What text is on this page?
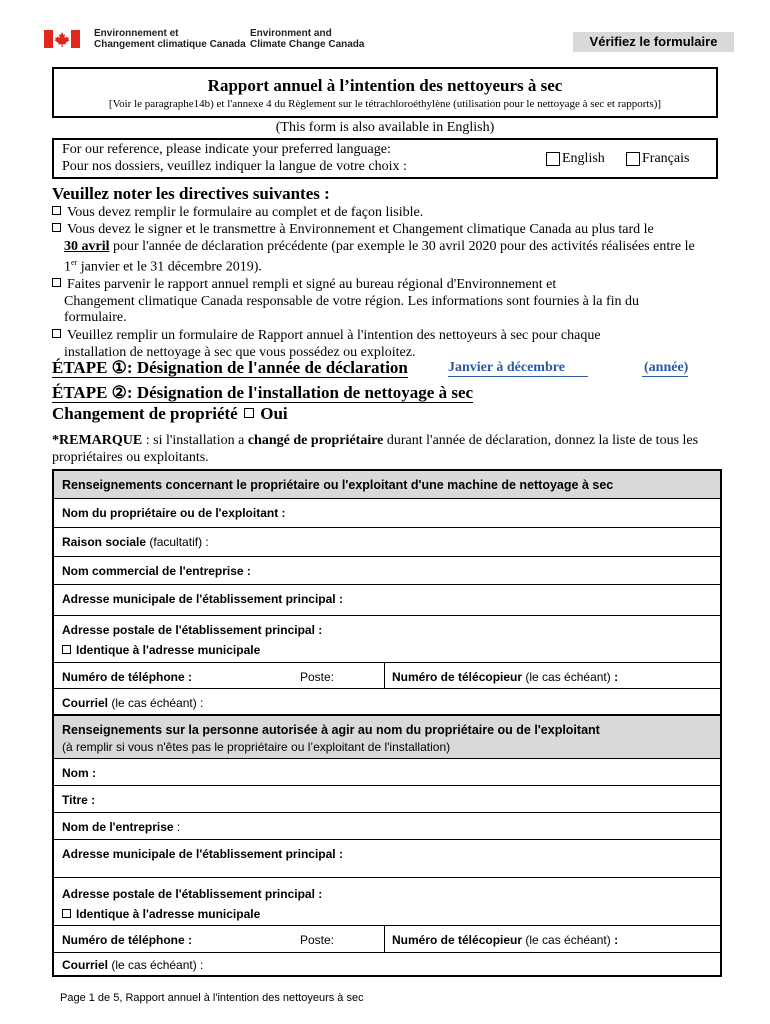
Environnement et
Changement climatique Canada
Environment and
Climate Change Canada	Vérifiez le formulaire
Rapport annuel à l’intention des nettoyeurs à sec
[Voir le paragraphe14b) et l'annexe 4 du Règlement sur le tétrachloroéthylène (utilisation pour le nettoyage à sec et rapports)]
(This form is also available in English)
For our reference, please indicate your preferred language:
Pour nos dossiers, veuillez indiquer la langue de votre choix :
English	Français
Veuillez noter les directives suivantes :
Vous devez remplir le formulaire au complet et de façon lisible.
Vous devez le signer et le transmettre à Environnement et Changement climatique Canada au plus tard le
30 avril pour l'année de déclaration précédente (par exemple le 30 avril 2020 pour des activités réalisées entre le
1er janvier et le 31 décembre 2019).
Faites parvenir le rapport annuel rempli et signé au bureau régional d'Environnement et
Changement climatique Canada responsable de votre région. Les informations sont fournies à la fin du
formulaire.
Veuillez remplir un formulaire de Rapport annuel à l'intention des nettoyeurs à sec pour chaque
installation de nettoyage à sec que vous possédez ou exploitez.
ÉTAPE ①: Désignation de l'année de déclaration	Janvier à décembre	(année)
ÉTAPE ②: Désignation de l'installation de nettoyage à sec
Changement de propriété Oui
*REMARQUE : si l'installation a changé de propriétaire durant l'année de déclaration, donnez la liste de tous les propriétaires ou exploitants.
Renseignements concernant le propriétaire ou l'exploitant d'une machine de nettoyage à sec
Nom du propriétaire ou de l'exploitant :
Raison sociale (facultatif) :
Nom commercial de l'entreprise :
Adresse municipale de l'établissement principal :
Adresse postale de l'établissement principal :
Identique à l'adresse municipale
Numéro de téléphone :	Poste:	Numéro de télécopieur (le cas échéant) :
Courriel (le cas échéant) :
Renseignements sur la personne autorisée à agir au nom du propriétaire ou de l'exploitant
(à remplir si vous n'êtes pas le propriétaire ou l’exploitant de l'installation)
Nom :
Titre :
Nom de l'entreprise :
Adresse municipale de l'établissement principal :
Adresse postale de l'établissement principal :
Identique à l'adresse municipale
Numéro de téléphone :	Poste:	Numéro de télécopieur (le cas échéant) :
Courriel (le cas échéant) :
Page 1 de 5, Rapport annuel à l'intention des nettoyeurs à sec
